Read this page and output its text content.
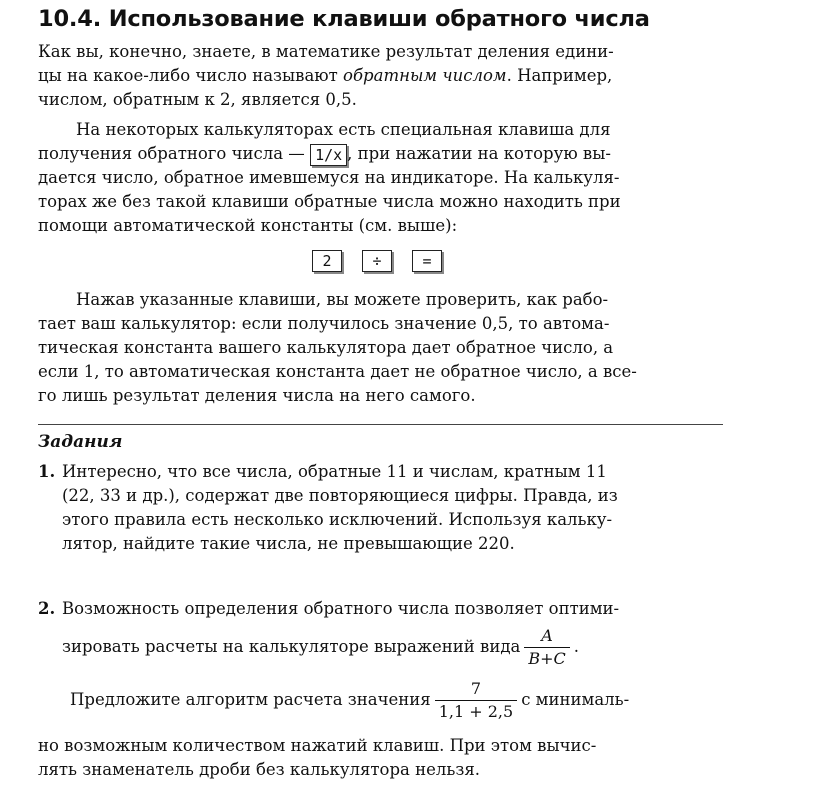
10.4. Использование клавиши обратного числа

Как вы, конечно, знаете, в математике результат деления едини-
цы на какое-либо число называют обратным числом. Например,
числом, обратным к 2, является 0,5.

На некоторых калькуляторах есть специальная клавиша для
получения обратного числа — 1/x , при нажатии на которую вы-
дается число, обратное имевшемуся на индикаторе. На калькуля-
торах же без такой клавиши обратные числа можно находить при
помощи автоматической константы (см. выше):

2	÷	=

Нажав указанные клавиши, вы можете проверить, как рабо-
тает ваш калькулятор: если получилось значение 0,5, то автома-
тическая константа вашего калькулятора дает обратное число, а
если 1, то автоматическая константа дает не обратное число, а все-
го лишь результат деления числа на него самого.

Задания
1. Интересно, что все числа, обратные 11 и числам, кратным 11
(22, 33 и др.), содержат две повторяющиеся цифры. Правда, из
этого правила есть несколько исключений. Используя кальку-
лятор, найдите такие числа, не превышающие 220.
2. Возможность определения обратного числа позволяет оптими-
зировать расчеты на калькуляторе выражений вида $\frac{A}{B+C}$ .
Предложите алгоритм расчета значения $\frac{7}{1,1 + 2,5}$ с минималь-

но возможным количеством нажатий клавиш. При этом вычис-
лять знаменатель дроби без калькулятора нельзя.
